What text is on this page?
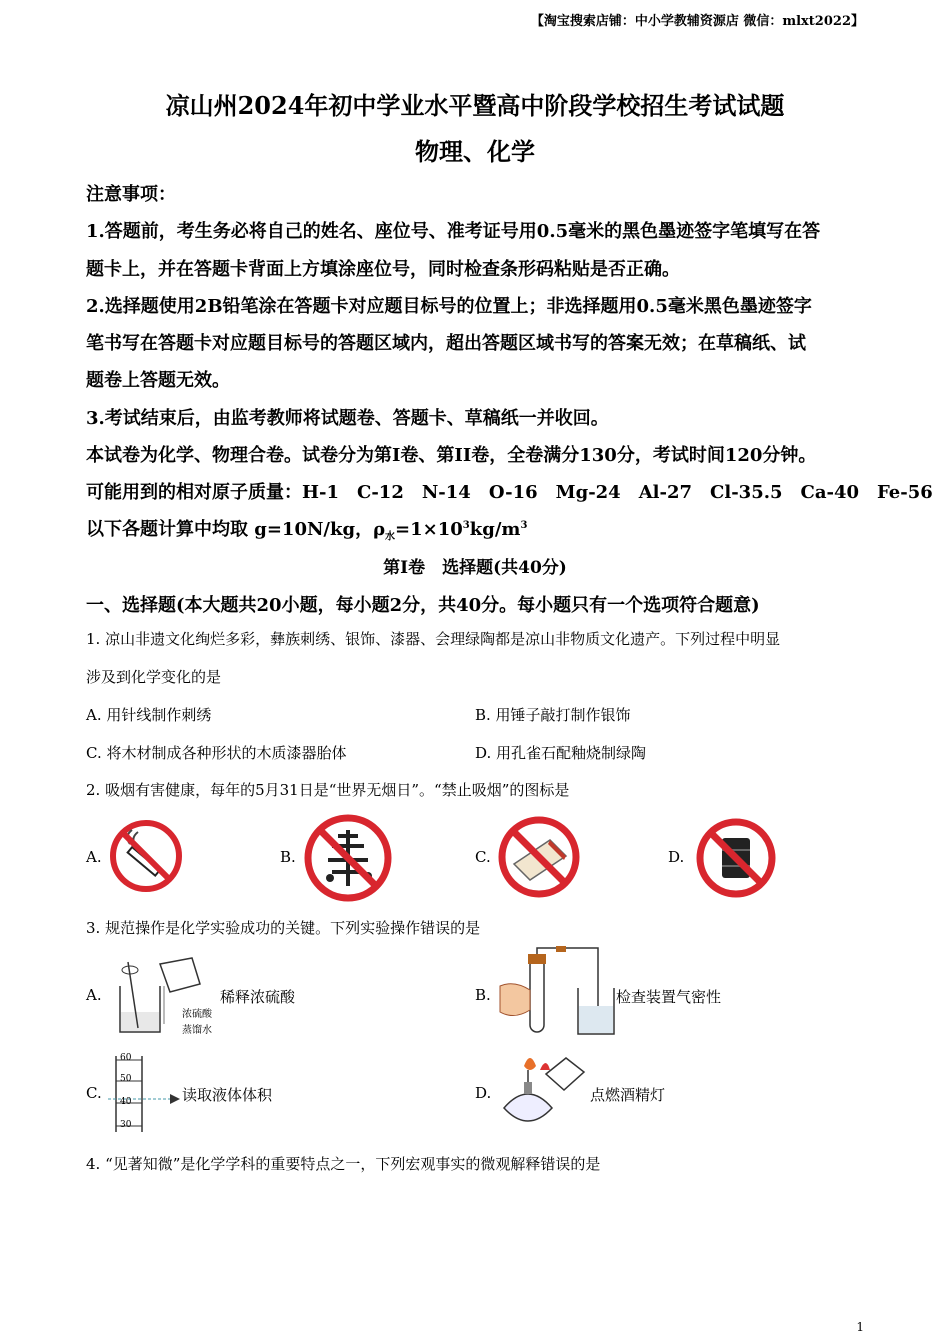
【淘宝搜索店铺：中小学教辅资源店 微信：mlxt2022】
凉山州2024年初中学业水平暨高中阶段学校招生考试试题
物理、化学
注意事项：
1.答题前，考生务必将自己的姓名、座位号、准考证号用0.5毫米的黑色墨迹签字笔填写在答
题卡上，并在答题卡背面上方填涂座位号，同时检查条形码粘贴是否正确。
2.选择题使用2B铅笔涂在答题卡对应题目标号的位置上；非选择题用0.5毫米黑色墨迹签字
笔书写在答题卡对应题目标号的答题区域内，超出答题区域书写的答案无效；在草稿纸、试
题卷上答题无效。
3.考试结束后，由监考教师将试题卷、答题卡、草稿纸一并收回。
本试卷为化学、物理合卷。试卷分为第I卷、第II卷，全卷满分130分，考试时间120分钟。
可能用到的相对原子质量：H-1　C-12　N-14　O-16　Mg-24　Al-27　Cl-35.5　Ca-40　Fe-56
以下各题计算中均取 g=10N/kg，$\rho_水=1\times 10^3kg/m^3$
第I卷　选择题(共40分)
一、选择题(本大题共20小题，每小题2分，共40分。每小题只有一个选项符合题意)
1. 凉山非遗文化绚烂多彩，彝族刺绣、银饰、漆器、会理绿陶都是凉山非物质文化遗产。下列过程中明显
涉及到化学变化的是
A. 用针线制作刺绣	B. 用锤子敲打制作银饰
C. 将木材制成各种形状的木质漆器胎体	D. 用孔雀石配釉烧制绿陶
2. 吸烟有害健康，每年的5月31日是“世界无烟日”。“禁止吸烟”的图标是
A.	B.	C.	D.
3. 规范操作是化学实验成功的关键。下列实验操作错误的是
A.	稀释浓硫酸
浓硫酸
蒸馏水
B.	检查装置气密性
C.
60
50
40
30
读取液体体积	D.	点燃酒精灯
4. “见著知微”是化学学科的重要特点之一，下列宏观事实的微观解释错误的是
1
